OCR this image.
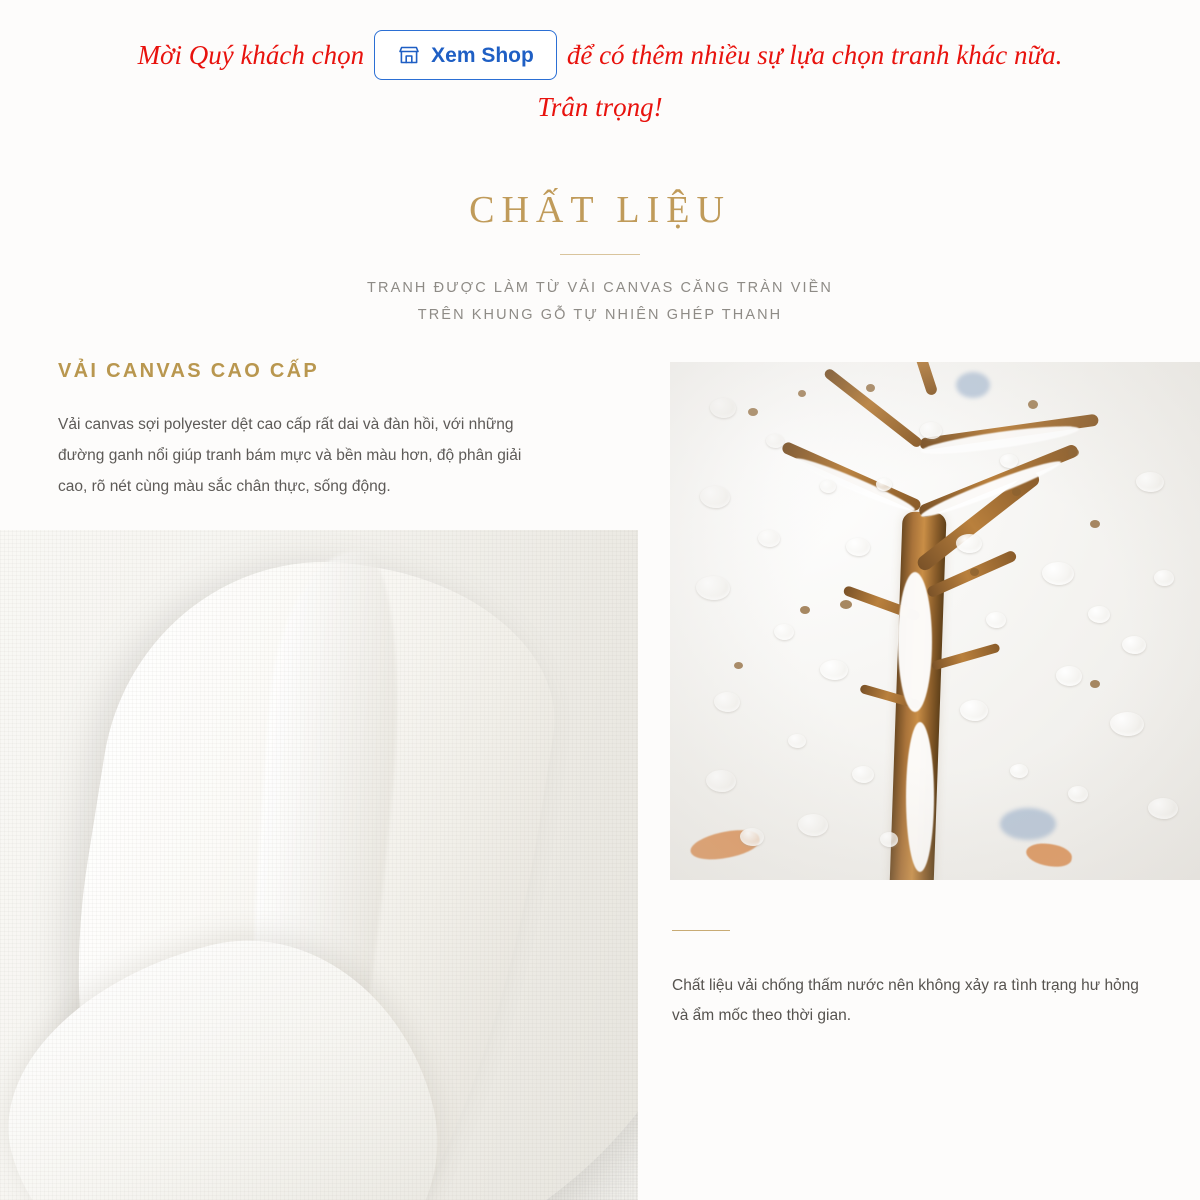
Mời Quý khách chọn	Xem Shop để có thêm nhiều sự lựa chọn tranh khác nữa.
Trân trọng!
CHẤT LIỆU

TRANH ĐƯỢC LÀM TỪ VẢI CANVAS CĂNG TRÀN VIỀN

TRÊN KHUNG GỖ TỰ NHIÊN GHÉP THANH

VẢI CANVAS CAO CẤP

Vải canvas sợi polyester dệt cao cấp rất dai và đàn hồi, với những đường ganh nổi giúp tranh bám mực và bền màu hơn, độ phân giải cao, rõ nét cùng màu sắc chân thực, sống động.

Chất liệu vải chống thấm nước nên không xảy ra tình trạng hư hỏng và ẩm mốc theo thời gian.
